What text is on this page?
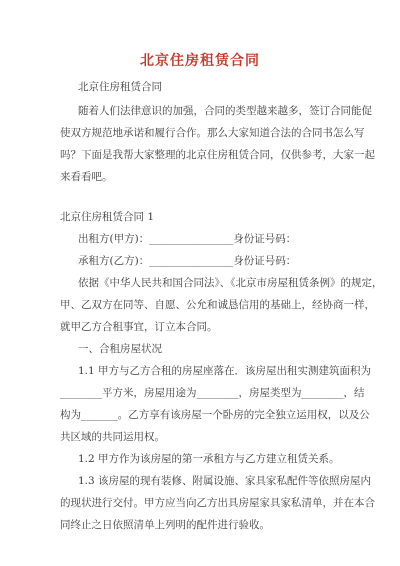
北京住房租赁合同
北京住房租赁合同
随着人们法律意识的加强，合同的类型越来越多，签订合同能促
使双方规范地承诺和履行合作。那么大家知道合法的合同书怎么写
吗？下面是我帮大家整理的北京住房租赁合同，仅供参考，大家一起
来看看吧。
北京住房租赁合同 1
出租方(甲方)：________________身份证号码：
承租方(乙方)：________________身份证号码：
依据《中华人民共和国合同法》、《北京市房屋租赁条例》的规定，
甲、乙双方在同等、自愿、公允和诚恳信用的基础上，经协商一样，
就甲乙方合租事宜，订立本合同。
一、合租房屋状况
1.1 甲方与乙方合租的房屋座落在．该房屋出租实测建筑面积为
________平方米，房屋用途为________，房屋类型为________，结
构为_______。乙方享有该房屋一个卧房的完全独立运用权，以及公
共区域的共同运用权。
1.2 甲方作为该房屋的第一承租方与乙方建立租赁关系。
1.3 该房屋的现有装修、附属设施、家具家私配件等依照房屋内
的现状进行交付。甲方应当向乙方出具房屋家具家私清单，并在本合
同终止之日依照清单上列明的配件进行验收。
